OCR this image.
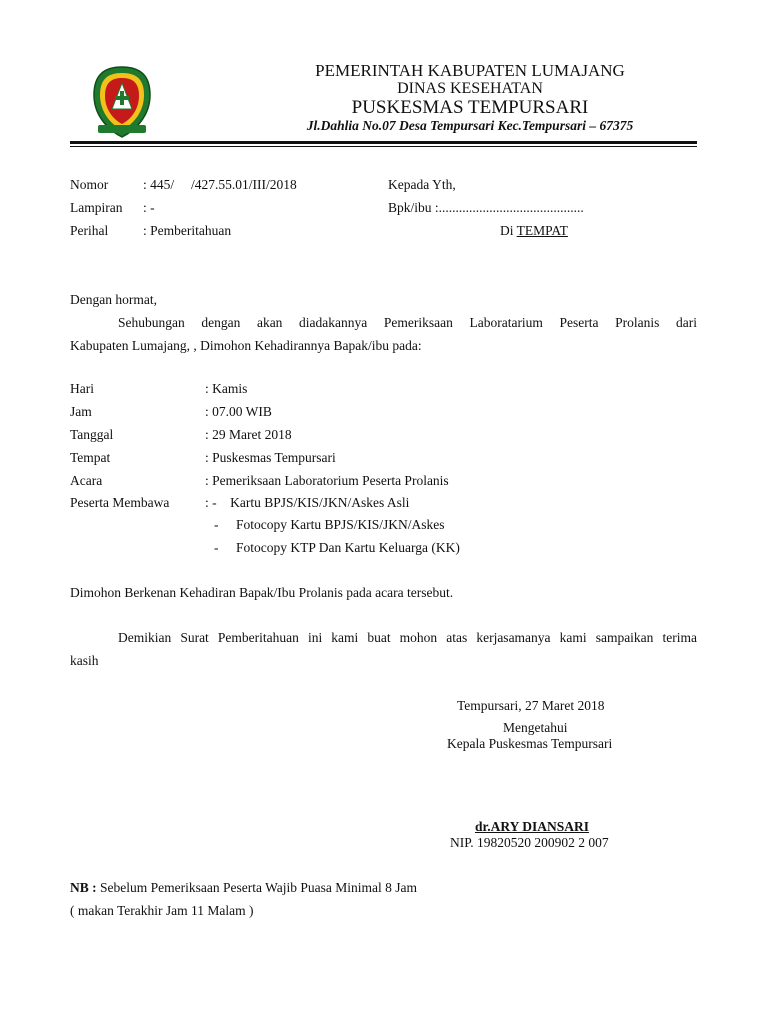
PEMERINTAH KABUPATEN LUMAJANG
DINAS KESEHATAN
PUSKESMAS TEMPURSARI
Jl.Dahlia No.07 Desa Tempursari Kec.Tempursari – 67375
Nomor	: 445/     /427.55.01/III/2018
Lampiran : -
Perihal	: Pemberitahuan
Kepada Yth,
Bpk/ibu :...........................................
Di TEMPAT
Dengan hormat,
Sehubungan dengan akan diadakannya Pemeriksaan Laboratarium Peserta Prolanis dari
Kabupaten Lumajang, , Dimohon Kehadirannya Bapak/ibu pada:
Hari	: Kamis
Jam	: 07.00 WIB
Tanggal	: 29 Maret 2018
Tempat	: Puskesmas Tempursari
Acara	: Pemeriksaan Laboratorium Peserta Prolanis
Peserta Membawa	: -    Kartu BPJS/KIS/JKN/Askes Asli
- Fotocopy Kartu BPJS/KIS/JKN/Askes
- Fotocopy KTP Dan Kartu Keluarga (KK)
Dimohon Berkenan Kehadiran Bapak/Ibu Prolanis pada acara tersebut.
Demikian Surat Pemberitahuan ini kami buat mohon atas kerjasamanya kami sampaikan terima
kasih
Tempursari, 27 Maret 2018
Mengetahui
Kepala Puskesmas Tempursari
dr.ARY DIANSARI
NIP. 19820520 200902 2 007
NB : Sebelum Pemeriksaan Peserta Wajib Puasa Minimal 8 Jam
( makan Terakhir Jam 11 Malam )
